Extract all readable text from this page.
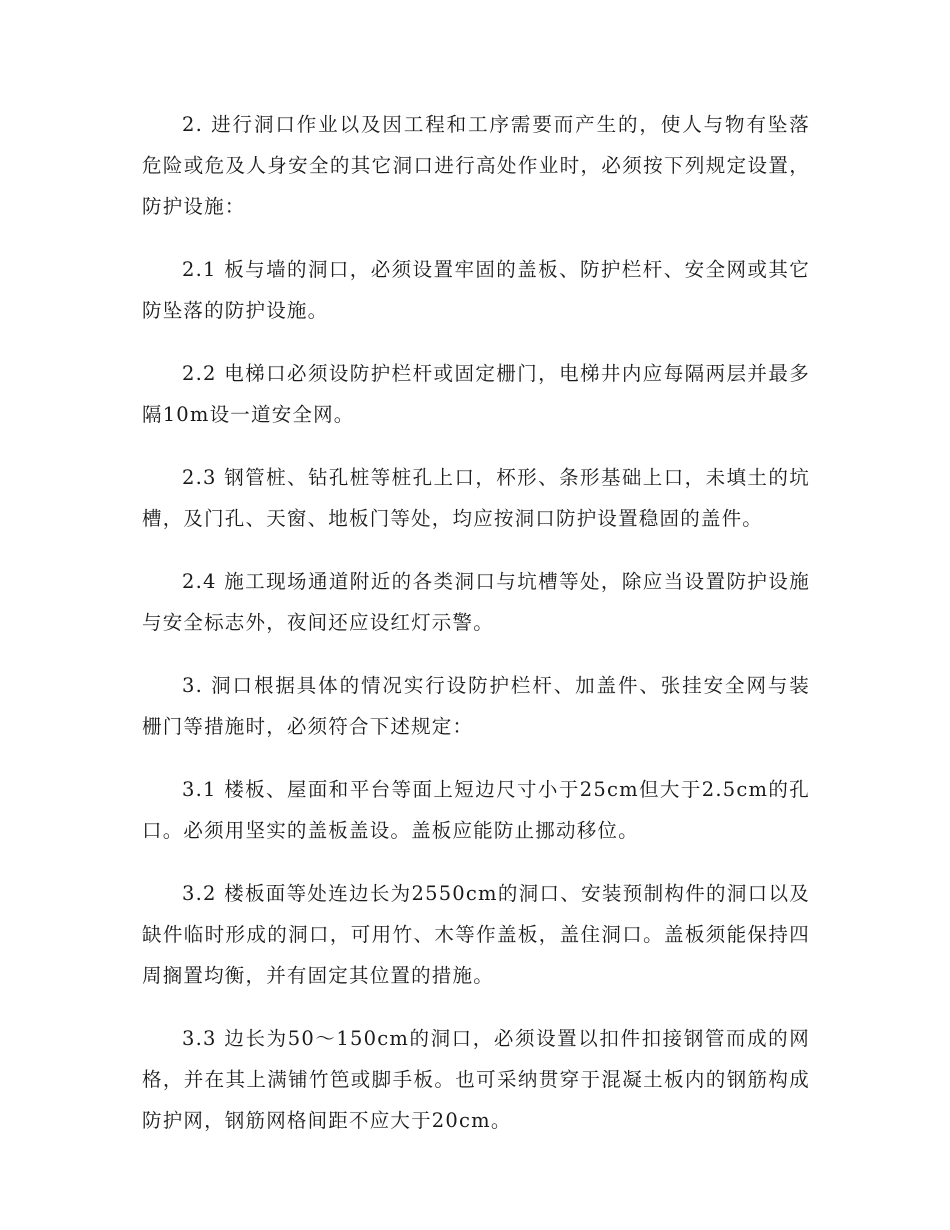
2. 进行洞口作业以及因工程和工序需要而产生的，使人与物有坠落危险或危及人身安全的其它洞口进行高处作业时，必须按下列规定设置，防护设施：

2.1 板与墙的洞口，必须设置牢固的盖板、防护栏杆、安全网或其它防坠落的防护设施。

2.2 电梯口必须设防护栏杆或固定栅门，电梯井内应每隔两层并最多隔10m设一道安全网。

2.3 钢管桩、钻孔桩等桩孔上口，杯形、条形基础上口，未填土的坑槽，及门孔、天窗、地板门等处，均应按洞口防护设置稳固的盖件。

2.4 施工现场通道附近的各类洞口与坑槽等处，除应当设置防护设施与安全标志外，夜间还应设红灯示警。

3. 洞口根据具体的情况实行设防护栏杆、加盖件、张挂安全网与装栅门等措施时，必须符合下述规定：

3.1 楼板、屋面和平台等面上短边尺寸小于25cm但大于2.5cm的孔口。必须用坚实的盖板盖设。盖板应能防止挪动移位。

3.2 楼板面等处连边长为2550cm的洞口、安装预制构件的洞口以及缺件临时形成的洞口，可用竹、木等作盖板，盖住洞口。盖板须能保持四周搁置均衡，并有固定其位置的措施。

3.3 边长为50～150cm的洞口，必须设置以扣件扣接钢管而成的网格，并在其上满铺竹笆或脚手板。也可采纳贯穿于混凝土板内的钢筋构成防护网，钢筋网格间距不应大于20cm。
